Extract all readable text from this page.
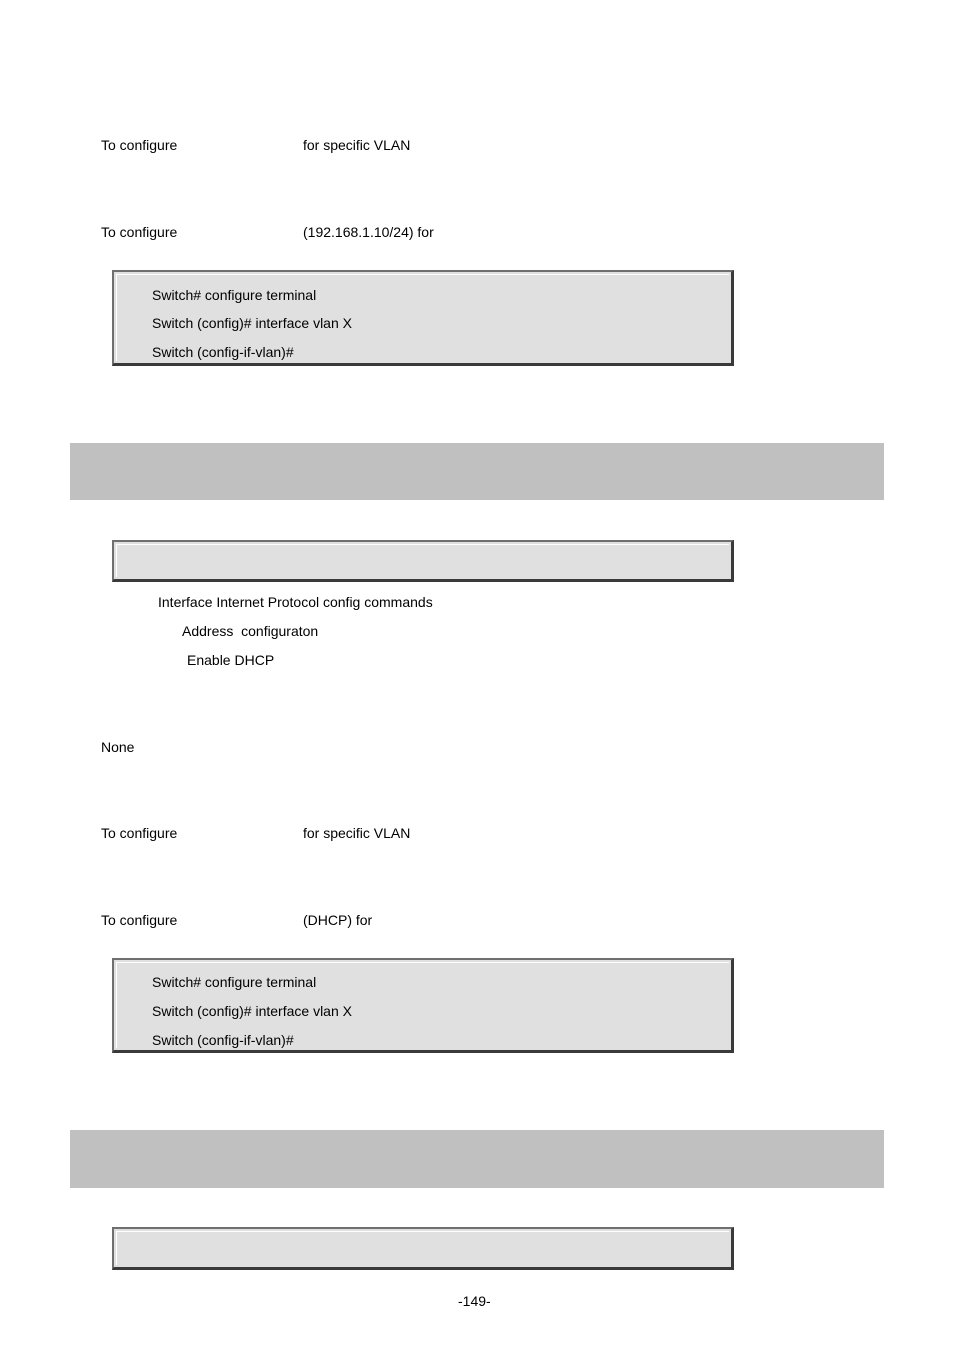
To configure	for specific VLAN
To configure	(192.168.1.10/24) for
Switch# configure terminal
Switch (config)# interface vlan X
Switch (config-if-vlan)#
Interface Internet Protocol config commands
Address  configuraton
Enable DHCP
None
To configure	for specific VLAN
To configure	(DHCP) for
Switch# configure terminal
Switch (config)# interface vlan X
Switch (config-if-vlan)#
-149-
